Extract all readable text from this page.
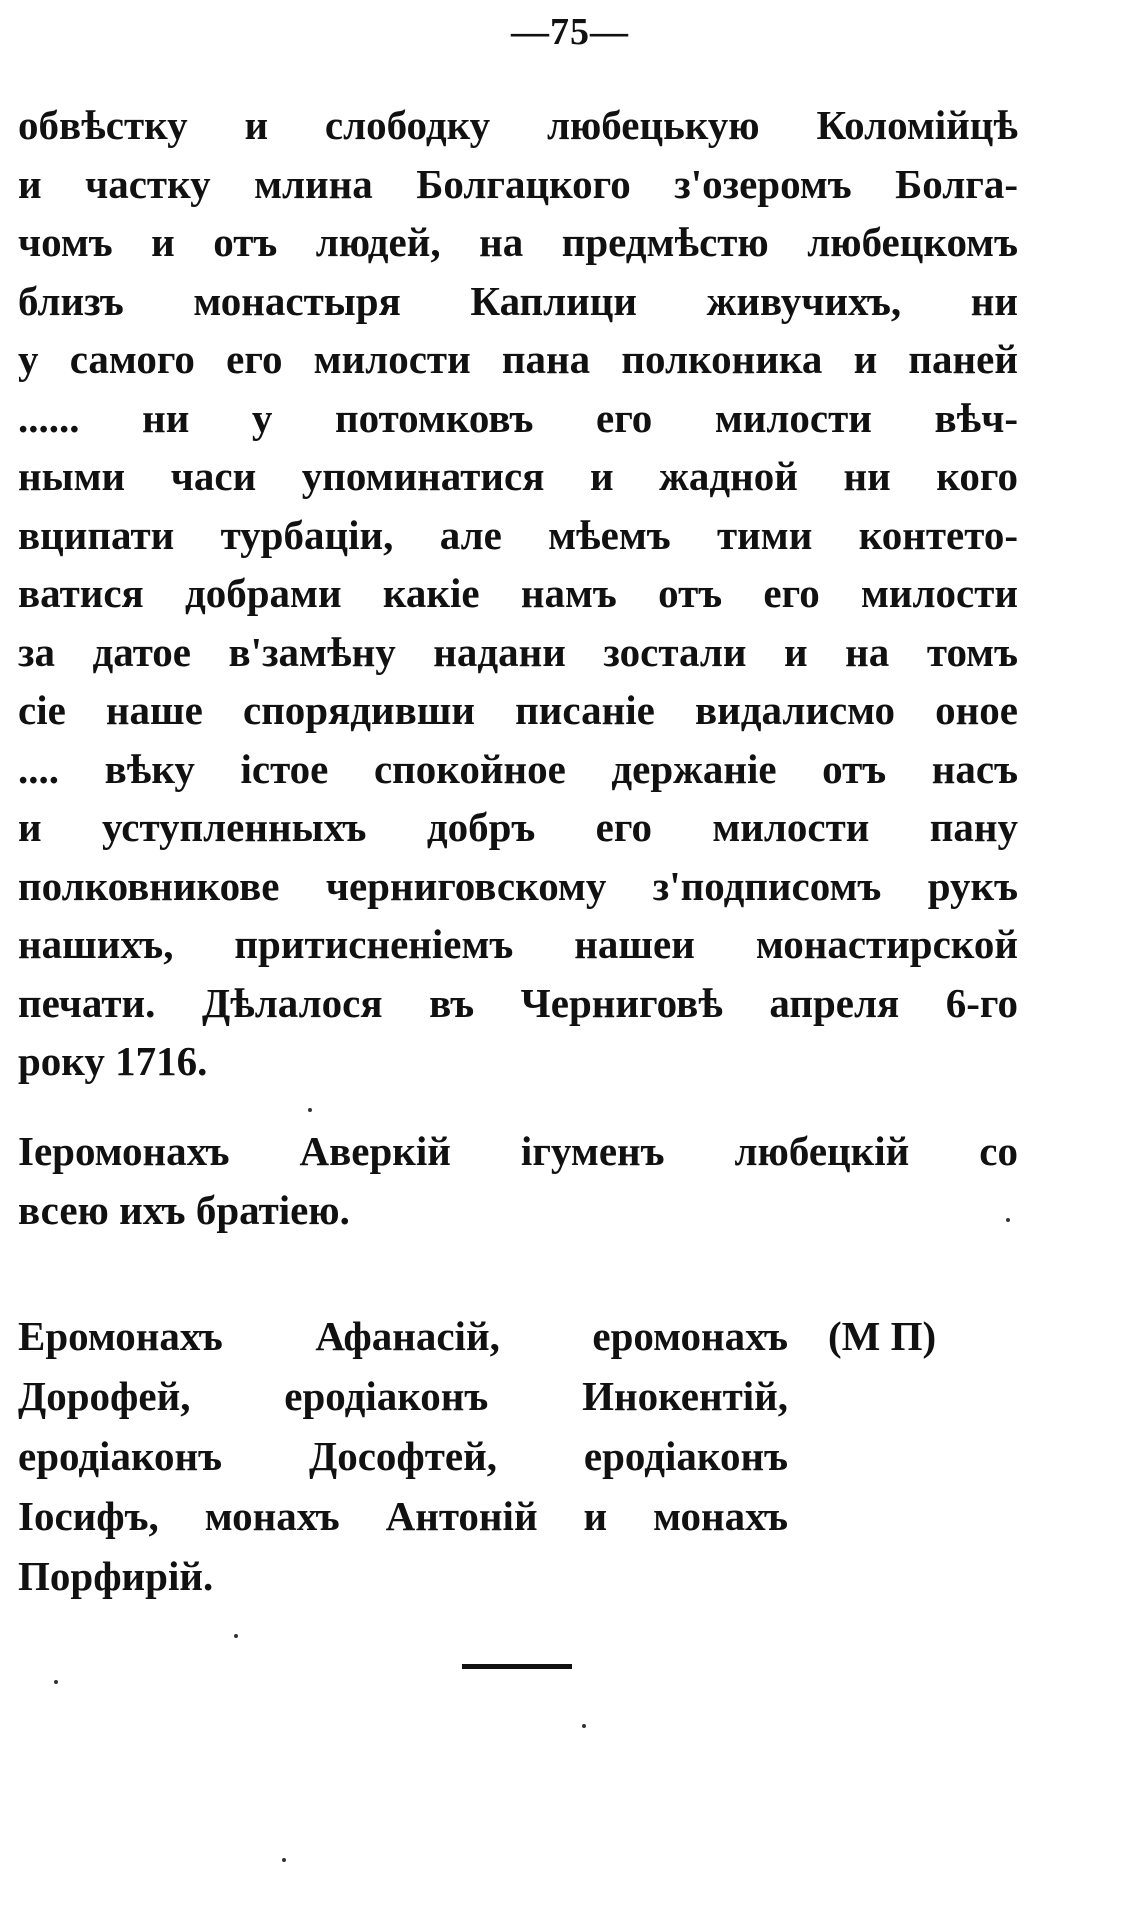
—75—
обвѣстку и слободку любецькую Коломійцѣ
и частку млина Болгацкого з'озеромъ Болга-
чомъ и отъ людей, на предмѣстю любецкомъ
близъ монастыря Каплици живучихъ, ни
у самого его милости пана полконика и паней
...... ни у потомковъ его милости вѣч-
ными часи упоминатися и жадной ни кого
вципати турбаціи, але мѣемъ тими контето-
ватися добрами какіе намъ отъ его милости
за датое в'замѣну надани зостали и на томъ
сіе наше спорядивши писаніе видалисмо оное
.... вѣку істое спокойное держаніе отъ насъ
и уступленныхъ добръ его милости пану
полковникове черниговскому з'подписомъ рукъ
нашихъ, притисненіемъ нашеи монастирской
печати. Дѣлалося въ Черниговѣ апреля 6-го
року 1716.
Іеромонахъ Аверкій ігуменъ любецкій со
всею ихъ братіею.
Еромонахъ Афанасій, еромонахъ (М П)
Дорофей, еродіаконъ Инокентій,
еродіаконъ Дософтей, еродіаконъ
Іосифъ, монахъ Антоній и монахъ
Порфирій.
